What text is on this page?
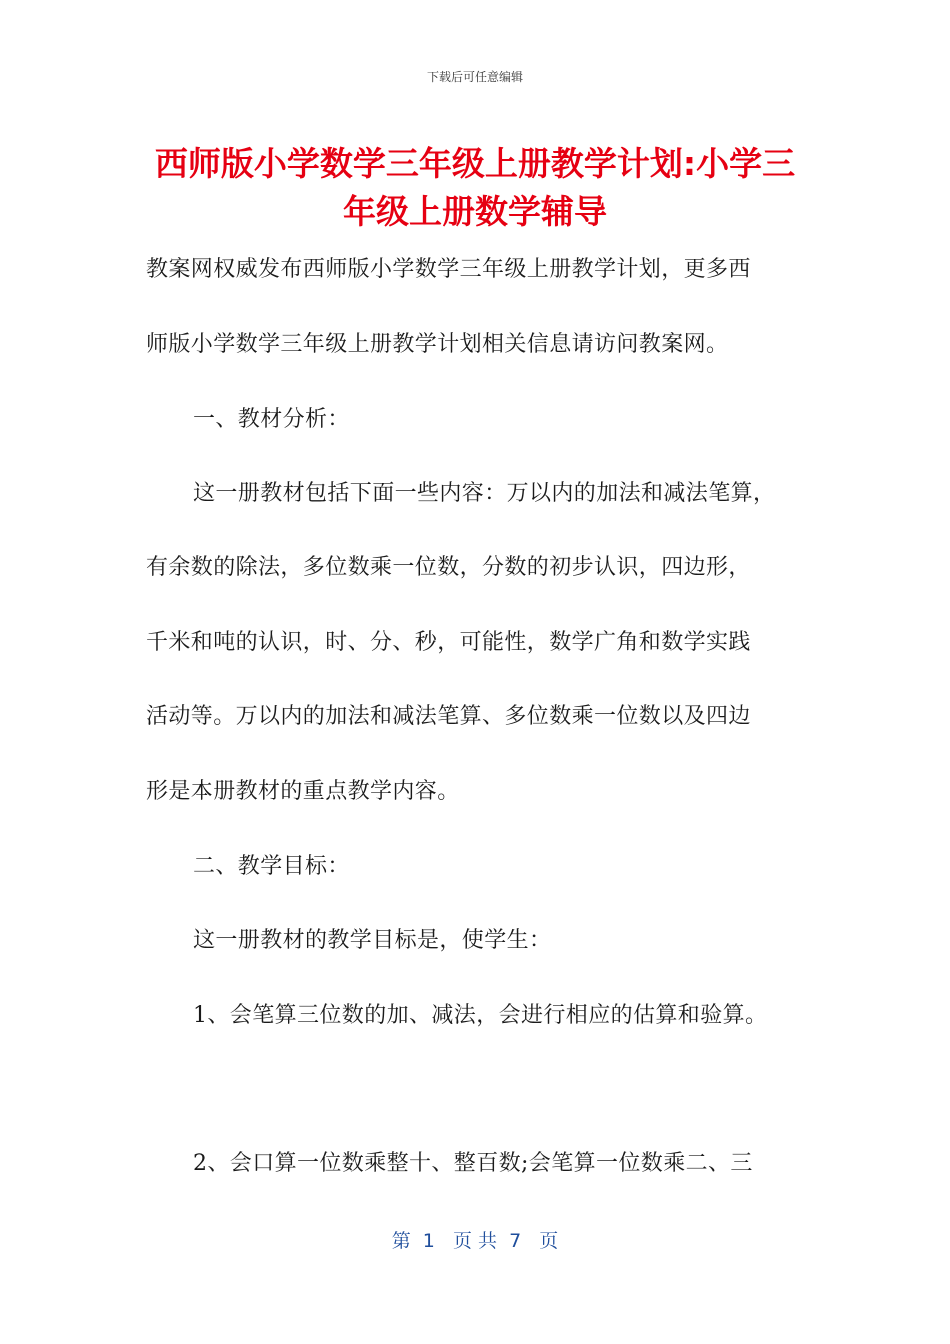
下载后可任意编辑
西师版小学数学三年级上册教学计划:小学三
年级上册数学辅导
教案网权威发布西师版小学数学三年级上册教学计划，更多西
师版小学数学三年级上册教学计划相关信息请访问教案网。
一、教材分析：
这一册教材包括下面一些内容：万以内的加法和减法笔算，
有余数的除法，多位数乘一位数，分数的初步认识，四边形，
千米和吨的认识，时、分、秒，可能性，数学广角和数学实践
活动等。万以内的加法和减法笔算、多位数乘一位数以及四边
形是本册教材的重点教学内容。
二、教学目标：
这一册教材的教学目标是，使学生：
1、会笔算三位数的加、减法，会进行相应的估算和验算。
2、会口算一位数乘整十、整百数;会笔算一位数乘二、三
第  1   页 共  7   页
